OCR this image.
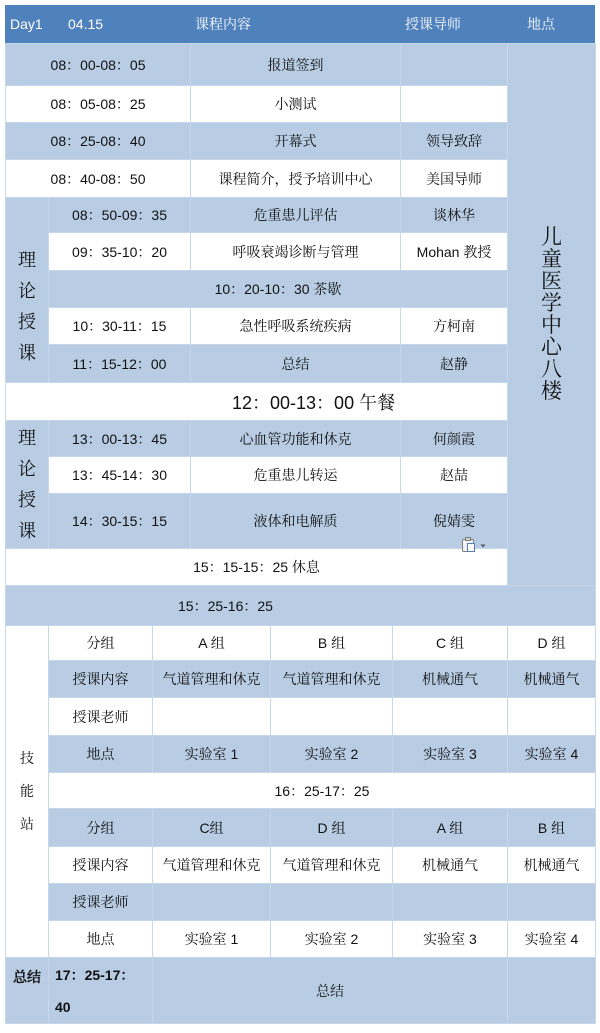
Day1 04.15	课程内容	授课导师	地点
08：00-08：05		报道签到		儿童医学中心八楼

08：05-08：25		小测试		
08：25-08：40		开幕式	领导致辞	
08：40-08：50		课程简介，授予培训中心	美国导师	

理论授课	08：50-09：35	危重患儿评估	谈林华	
	09：35-10：20	呼吸衰竭诊断与管理	Mohan 教授	
	10：20-10：30 茶歇			
	10：30-11：15	急性呼吸系统疾病	方柯南	
	11：15-12：00	总结	赵静	
12：00-13：00 午餐				

理论授课	13：00-13：45	心血管功能和休克	何颜霞	
	13：45-14：30	危重患儿转运	赵喆	
	14：30-15：15	液体和电解质	倪婧雯	
15：15-15：25 休息				
15：25-16：25				
技能站	分组	A 组	B 组	C 组	D 组
	授课内容	气道管理和休克	气道管理和休克	机械通气	机械通气
	授课老师				
	地点	实验室 1	实验室 2	实验室 3	实验室 4
	16：25-17：25				
	分组	C组	D 组	A 组	B 组
	授课内容	气道管理和休克	气道管理和休克	机械通气	机械通气
	授课老师				
	地点	实验室 1	实验室 2	实验室 3	实验室 4
总结	17：25-17：40	总结			
